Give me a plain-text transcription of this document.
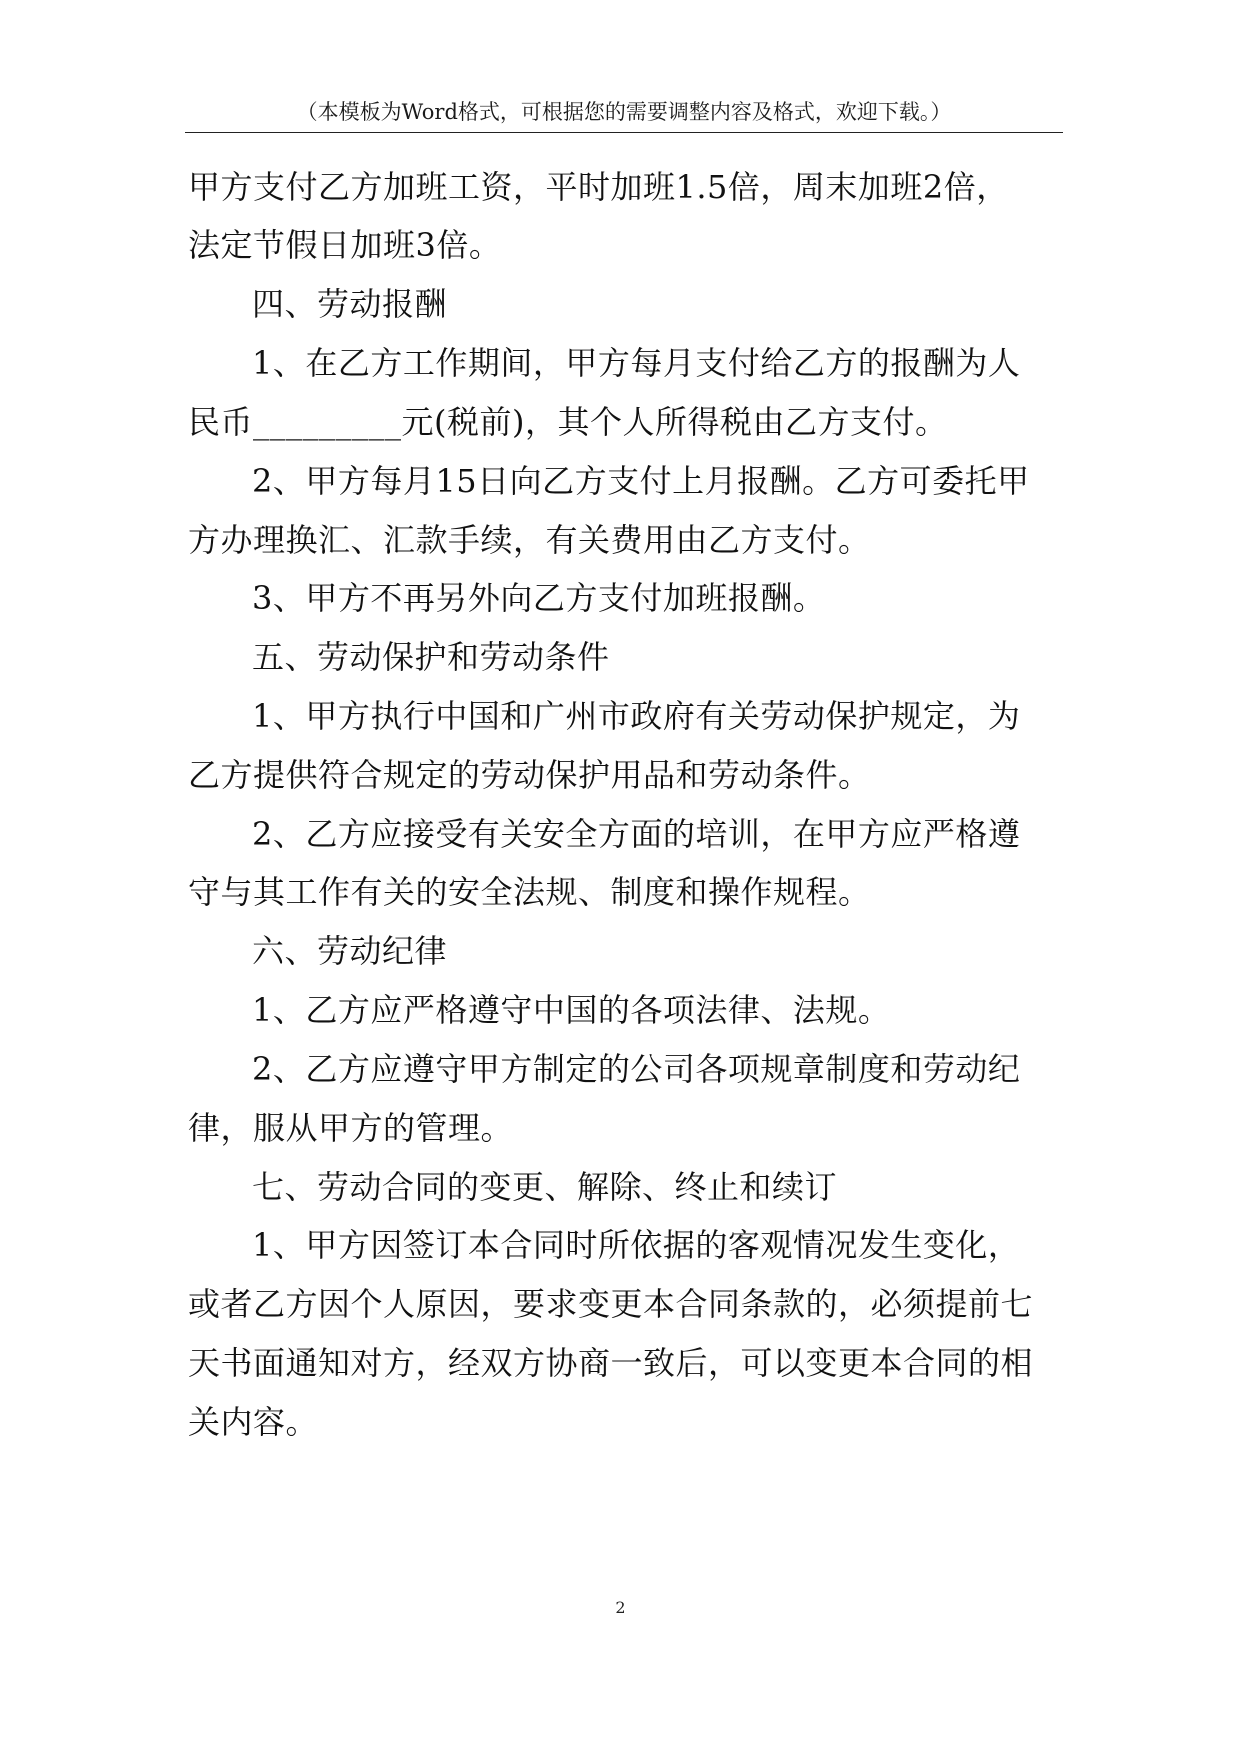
（本模板为Word格式，可根据您的需要调整内容及格式，欢迎下载。）
甲方支付乙方加班工资，平时加班1.5倍，周末加班2倍，
法定节假日加班3倍。
四、劳动报酬
1、在乙方工作期间，甲方每月支付给乙方的报酬为人
民币_________元(税前)，其个人所得税由乙方支付。
2、甲方每月15日向乙方支付上月报酬。乙方可委托甲
方办理换汇、汇款手续，有关费用由乙方支付。
3、甲方不再另外向乙方支付加班报酬。
五、劳动保护和劳动条件
1、甲方执行中国和广州市政府有关劳动保护规定，为
乙方提供符合规定的劳动保护用品和劳动条件。
2、乙方应接受有关安全方面的培训，在甲方应严格遵
守与其工作有关的安全法规、制度和操作规程。
六、劳动纪律
1、乙方应严格遵守中国的各项法律、法规。
2、乙方应遵守甲方制定的公司各项规章制度和劳动纪
律，服从甲方的管理。
七、劳动合同的变更、解除、终止和续订
1、甲方因签订本合同时所依据的客观情况发生变化，
或者乙方因个人原因，要求变更本合同条款的，必须提前七
天书面通知对方，经双方协商一致后，可以变更本合同的相
关内容。
2
